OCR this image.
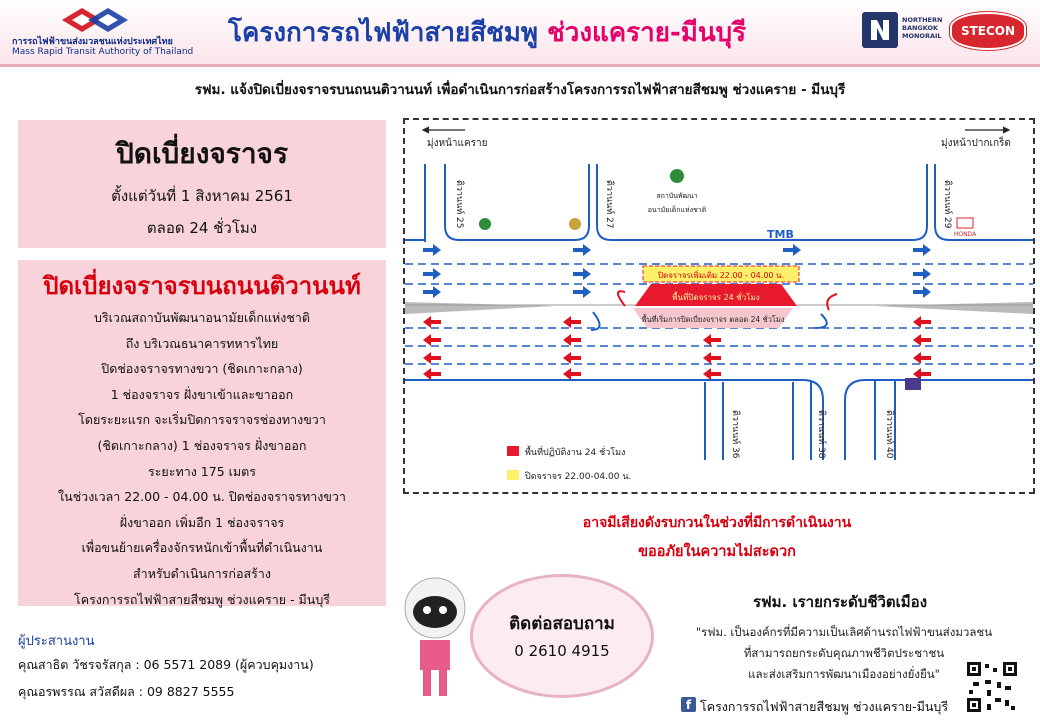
การรถไฟฟ้าขนส่งมวลชนแห่งประเทศไทย
Mass Rapid Transit Authority of Thailand
โครงการรถไฟฟ้าสายสีชมพู ช่วงแคราย-มีนบุรี	NORTHERN BANGKOK MONORAIL	STECON
รฟม. แจ้งปิดเบี่ยงจราจรบนถนนติวานนท์ เพื่อดำเนินการก่อสร้างโครงการรถไฟฟ้าสายสีชมพู ช่วงแคราย - มีนบุรี
ปิดเบี่ยงจราจร
ตั้งแต่วันที่ 1 สิงหาคม 2561
ตลอด 24 ชั่วโมง
ปิดเบี่ยงจราจรบนถนนติวานนท์
บริเวณสถาบันพัฒนาอนามัยเด็กแห่งชาติ
ถึง บริเวณธนาคารทหารไทย
ปิดช่องจราจรทางขวา (ชิดเกาะกลาง)
1 ช่องจราจร ฝั่งขาเข้าและขาออก
โดยระยะแรก จะเริ่มปิดการจราจรช่องทางขวา
(ชิดเกาะกลาง) 1 ช่องจราจร ฝั่งขาออก
ระยะทาง 175 เมตร
ในช่วงเวลา 22.00 - 04.00 น. ปิดช่องจราจรทางขวา
ฝั่งขาออก เพิ่มอีก 1 ช่องจราจร
เพื่อขนย้ายเครื่องจักรหนักเข้าพื้นที่ดำเนินงาน
สำหรับดำเนินการก่อสร้าง
โครงการรถไฟฟ้าสายสีชมพู ช่วงแคราย - มีนบุรี
ผู้ประสานงาน
คุณสาธิต วัชรจรัสกุล : 06 5571 2089 (ผู้ควบคุมงาน)
คุณอรพรรณ สวัสดีผล : 09 8827 5555
มุ่งหน้าแคราย	มุ่งหน้าปากเกร็ด
ปิดจราจรเพิ่มเติม 22.00 - 04.00 น.
พื้นที่ปิดจราจร 24 ชั่วโมง
พื้นที่เริ่มการปิดเบี่ยงจราจร ตลอด 24 ชั่วโมง
ติวานนท์ 25	ติวานนท์ 27	ติวานนท์ 29
ติวานนท์ 36	ติวานนท์ 38	ติวานนท์ 40
สถาบันพัฒนา
อนามัยเด็กแห่งชาติ
TMB	HONDA
พื้นที่ปฏิบัติงาน 24 ชั่วโมง
ปิดจราจร 22.00-04.00 น.
อาจมีเสียงดังรบกวนในช่วงที่มีการดำเนินงาน
ขออภัยในความไม่สะดวก
ติดต่อสอบถาม
0 2610 4915
รฟม. เรายกระดับชีวิตเมือง
"รฟม. เป็นองค์กรที่มีความเป็นเลิศด้านรถไฟฟ้าขนส่งมวลชน
ที่สามารถยกระดับคุณภาพชีวิตประชาชน
และส่งเสริมการพัฒนาเมืองอย่างยั่งยืน"
f โครงการรถไฟฟ้าสายสีชมพู ช่วงแคราย-มีนบุรี
